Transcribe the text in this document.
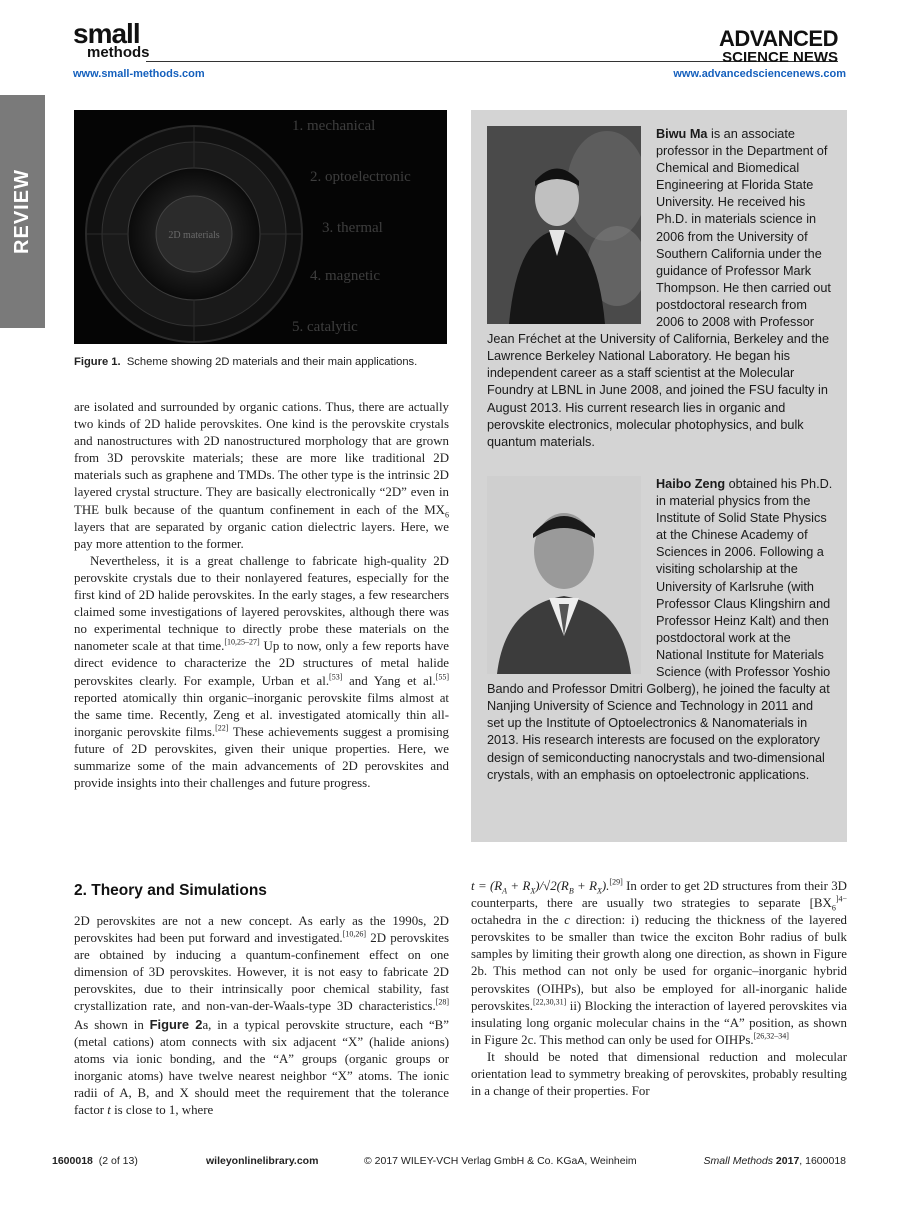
REVIEW
small
methods
ADVANCED
SCIENCE NEWS
www.small-methods.com	www.advancedsciencenews.com
2D materials
1. mechanical
2. optoelectronic
3. thermal
4. magnetic
5. catalytic
Figure 1. Scheme showing 2D materials and their main applications.

are isolated and surrounded by organic cations. Thus, there are actually two kinds of 2D halide perovskites. One kind is the perovskite crystals and nanostructures with 2D nanostructured morphology that are grown from 3D perovskite materials; these are more like traditional 2D materials such as graphene and TMDs. The other type is the intrinsic 2D layered crystal structure. They are basically electronically “2D” even in THE bulk because of the quantum confinement in each of the $MX_6$ layers that are separated by organic cation dielectric layers. Here, we pay more attention to the former.

Nevertheless, it is a great challenge to fabricate high-quality 2D perovskite crystals due to their nonlayered features, especially for the first kind of 2D halide perovskites. In the early stages, a few researchers claimed some investigations of layered perovskites, although there was no experimental technique to directly probe these materials on the nanometer scale at that time.[10,25–27] Up to now, only a few reports have direct evidence to characterize the 2D structures of metal halide perovskites clearly. For example, Urban et al.[53] and Yang et al.[55] reported atomically thin organic–inorganic perovskite films almost at the same time. Recently, Zeng et al. investigated atomically thin all-inorganic perovskite films.[22] These achievements suggest a promising future of 2D perovskites, given their unique properties. Here, we summarize some of the main advancements of 2D perovskites and provide insights into their challenges and future progress.

Biwu Ma is an associate professor in the Department of Chemical and Biomedical Engineering at Florida State University. He received his Ph.D. in materials science in 2006 from the University of Southern California under the guidance of Professor Mark Thompson. He then carried out postdoctoral research from 2006 to 2008 with Professor Jean Fréchet at the University of California, Berkeley and the Lawrence Berkeley National Laboratory. He began his independent career as a staff scientist at the Molecular Foundry at LBNL in June 2008, and joined the FSU faculty in August 2013. His current research lies in organic and perovskite electronics, molecular photophysics, and bulk quantum materials.
Haibo Zeng obtained his Ph.D. in material physics from the Institute of Solid State Physics at the Chinese Academy of Sciences in 2006. Following a visiting scholarship at the University of Karlsruhe (with Professor Claus Klingshirn and Professor Heinz Kalt) and then postdoctoral work at the National Institute for Materials Science (with Professor Yoshio Bando and Professor Dmitri Golberg), he joined the faculty at Nanjing University of Science and Technology in 2011 and set up the Institute of Optoelectronics & Nanomaterials in 2013. His research interests are focused on the exploratory design of semiconducting nanocrystals and two-dimensional crystals, with an emphasis on optoelectronic applications.
2. Theory and Simulations

2D perovskites are not a new concept. As early as the 1990s, 2D perovskites had been put forward and investigated.[10,26] 2D perovskites are obtained by inducing a quantum-confinement effect on one dimension of 3D perovskites. However, it is not easy to fabricate 2D perovskites, due to their intrinsically poor chemical stability, fast crystallization rate, and non-van-der-Waals-type 3D characteristics.[28] As shown in Figure 2a, in a typical perovskite structure, each “B” (metal cations) atom connects with six adjacent “X” (halide anions) atoms via ionic bonding, and the “A” groups (organic groups or inorganic atoms) have twelve nearest neighbor “X” atoms. The ionic radii of A, B, and X should meet the requirement that the tolerance factor t is close to 1, where

$t = (R_A + R_X)/√2(R_B + R_X).[29]$ In order to get 2D structures from their 3D counterparts, there are usually two strategies to separate [$BX_6^{]4-}$ octahedra in the c direction: i) reducing the thickness of the layered perovskites to be smaller than twice the exciton Bohr radius of bulk samples by limiting their growth along one direction, as shown in Figure 2b. This method can not only be used for organic–inorganic hybrid perovskites (OIHPs), but also be employed for all-inorganic halide perovskites.[22,30,31] ii) Blocking the interaction of layered perovskites via insulating long organic molecular chains in the “A” position, as shown in Figure 2c. This method can only be used for OIHPs.[26,32–34]

It should be noted that dimensional reduction and molecular orientation lead to symmetry breaking of perovskites, probably resulting in a change of their properties. For

1600018 (2 of 13)	wileyonlinelibrary.com	© 2017 WILEY-VCH Verlag GmbH & Co. KGaA, Weinheim	Small Methods 2017, 1600018
